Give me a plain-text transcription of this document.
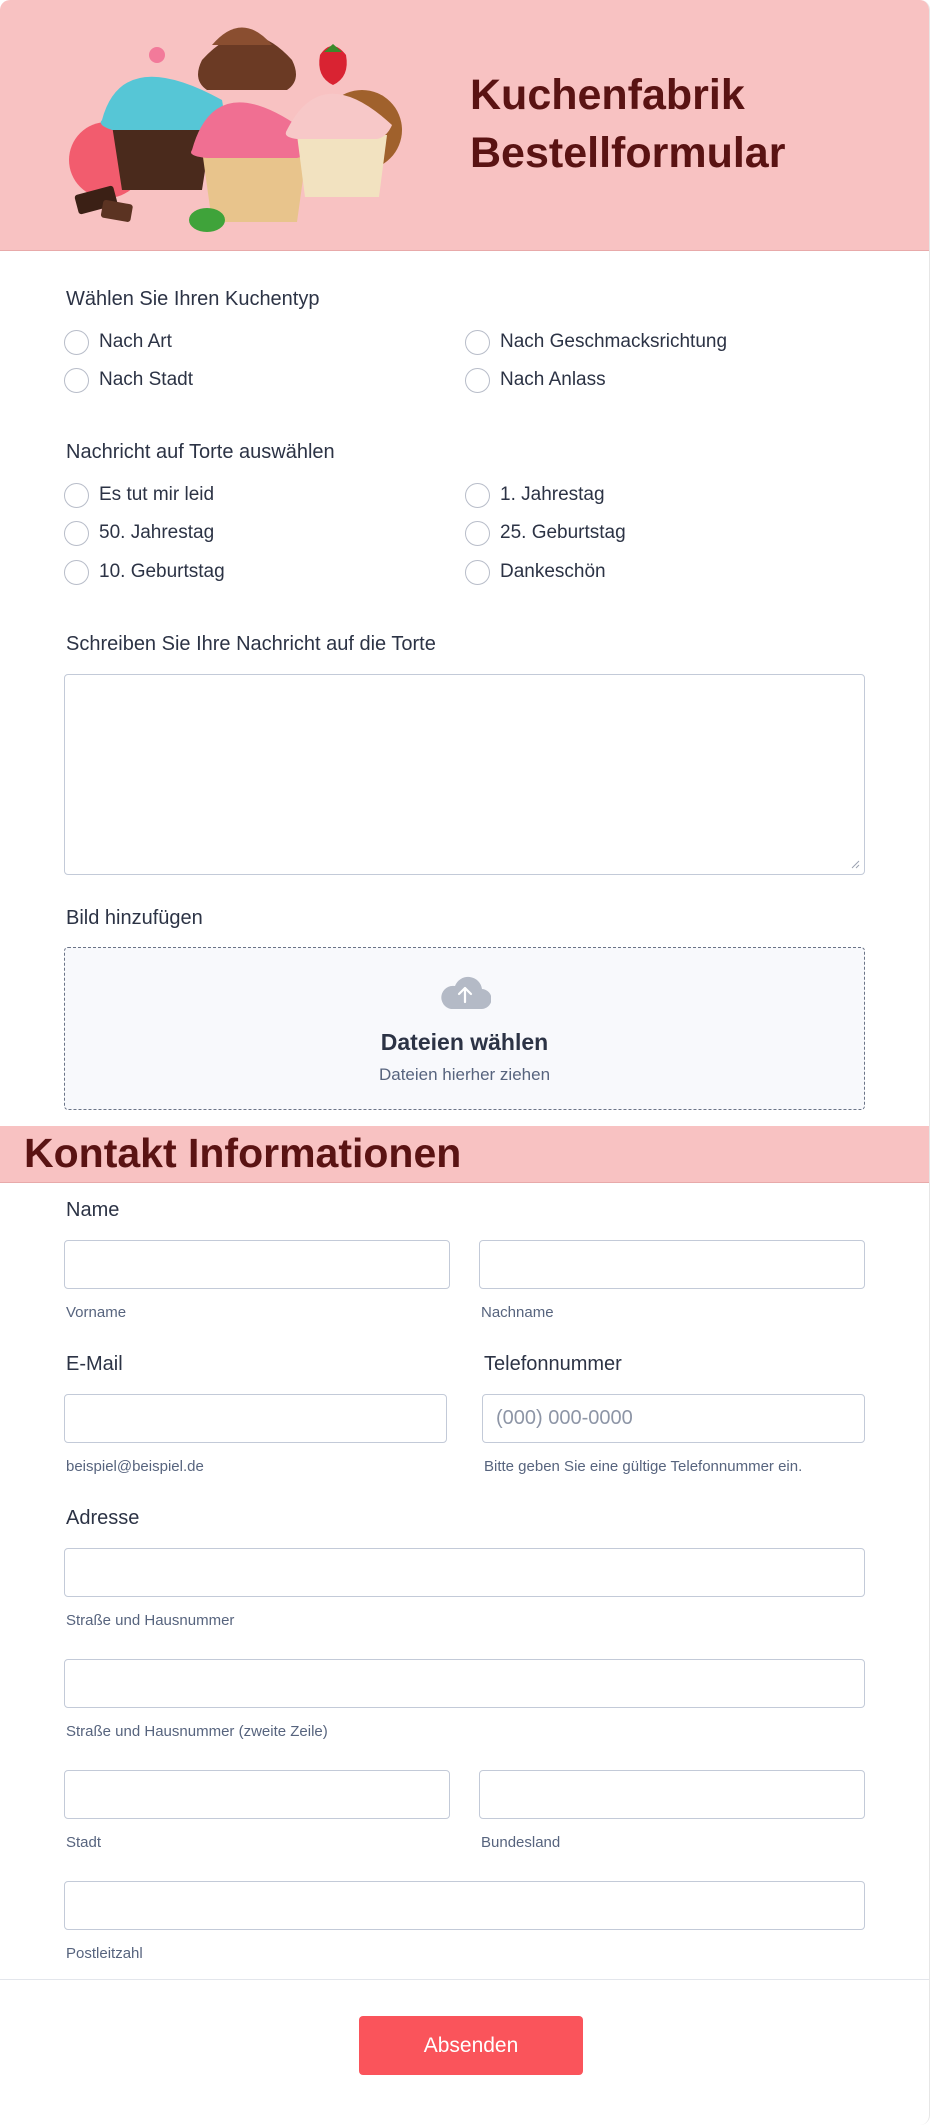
Kuchenfabrik
Bestellformular
Wählen Sie Ihren Kuchentyp
Nach Art	Nach Geschmacksrichtung
Nach Stadt	Nach Anlass
Nachricht auf Torte auswählen
Es tut mir leid	1. Jahrestag
50. Jahrestag	25. Geburtstag
10. Geburtstag	Dankeschön
Schreiben Sie Ihre Nachricht auf die Torte
Bild hinzufügen
Dateien wählen
Dateien hierher ziehen
Kontakt Informationen
Name
Vorname	Nachname
E-Mail	Telefonnummer
(000) 000-0000
beispiel@beispiel.de	Bitte geben Sie eine gültige Telefonnummer ein.
Adresse
Straße und Hausnummer
Straße und Hausnummer (zweite Zeile)
Stadt	Bundesland
Postleitzahl
Absenden
